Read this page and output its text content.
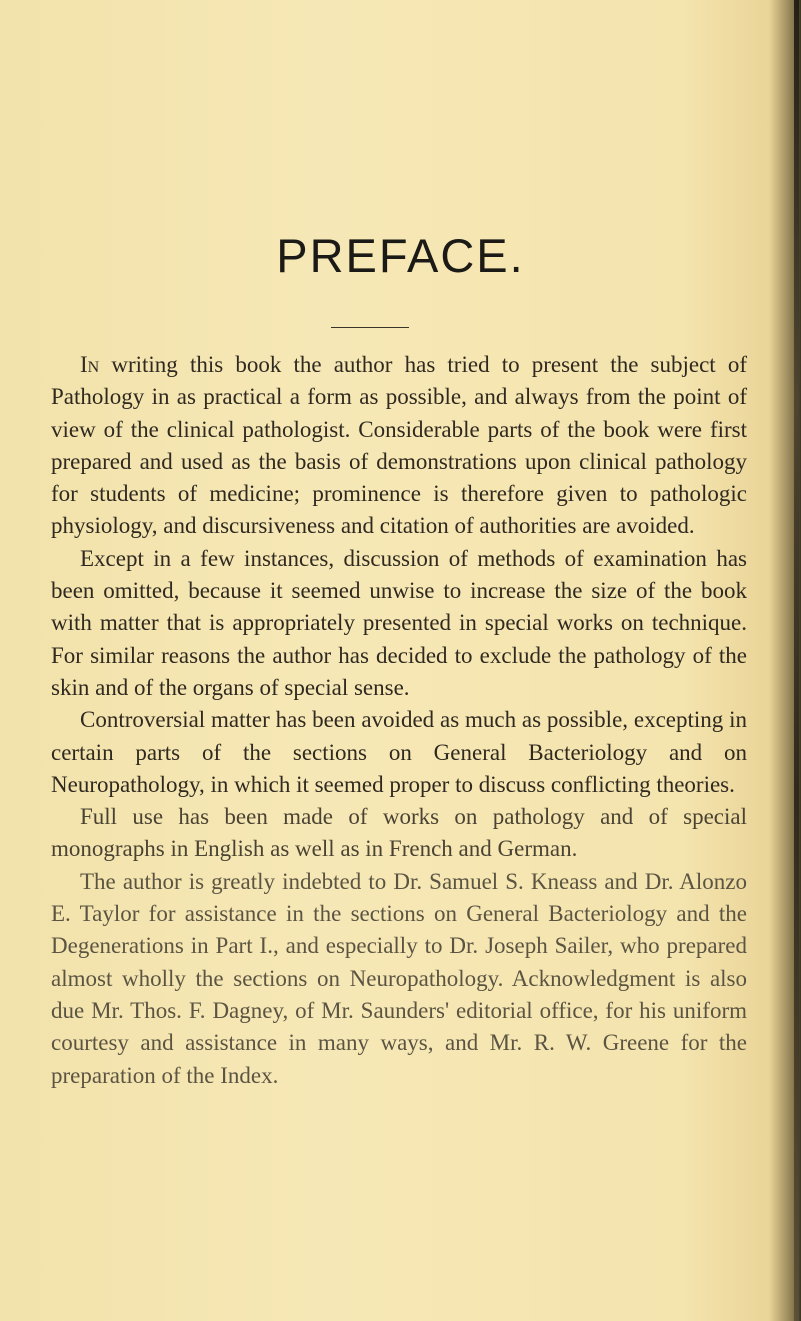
PREFACE.

In writing this book the author has tried to present the subject of Pathology in as practical a form as possible, and always from the point of view of the clinical pathologist. Considerable parts of the book were first prepared and used as the basis of demonstrations upon clinical pathology for students of medicine; prominence is therefore given to pathologic physiology, and discursiveness and citation of authorities are avoided.

Except in a few instances, discussion of methods of examination has been omitted, because it seemed unwise to increase the size of the book with matter that is appropriately presented in special works on technique. For similar reasons the author has decided to exclude the pathology of the skin and of the organs of special sense.

Controversial matter has been avoided as much as possible, excepting in certain parts of the sections on General Bacteriology and on Neuropathology, in which it seemed proper to discuss conflicting theories.

Full use has been made of works on pathology and of special monographs in English as well as in French and German.

The author is greatly indebted to Dr. Samuel S. Kneass and Dr. Alonzo E. Taylor for assistance in the sections on General Bacteriology and the Degenerations in Part I., and especially to Dr. Joseph Sailer, who prepared almost wholly the sections on Neuropathology. Acknowledgment is also due Mr. Thos. F. Dagney, of Mr. Saunders' editorial office, for his uniform courtesy and assistance in many ways, and Mr. R. W. Greene for the preparation of the Index.
